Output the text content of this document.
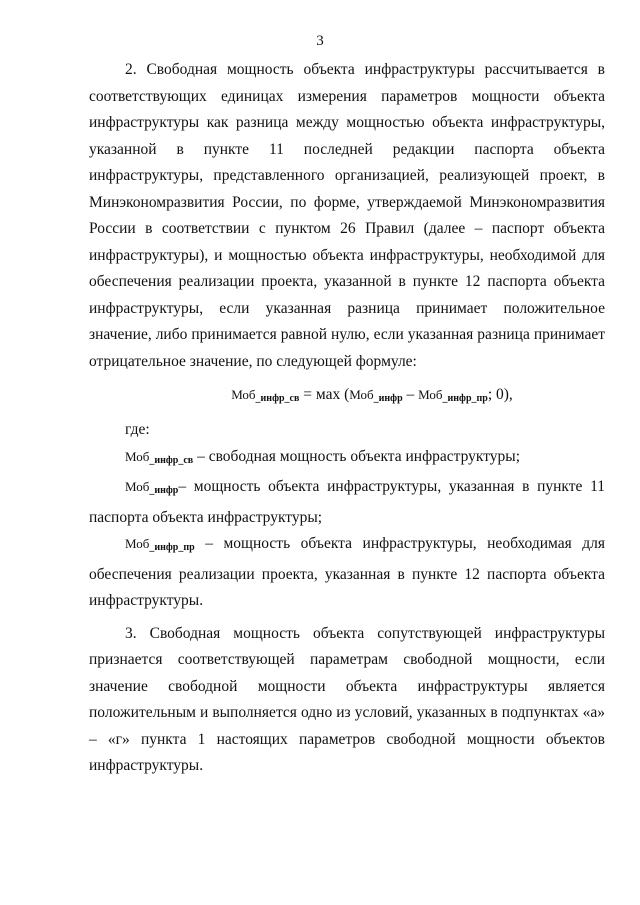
3

2. Свободная мощность объекта инфраструктуры рассчитывается в соответствующих единицах измерения параметров мощности объекта инфраструктуры как разница между мощностью объекта инфраструктуры, указанной в пункте 11 последней редакции паспорта объекта инфраструктуры, представленного организацией, реализующей проект, в Минэкономразвития России, по форме, утверждаемой Минэкономразвития России в соответствии с пунктом 26 Правил (далее – паспорт объекта инфраструктуры), и мощностью объекта инфраструктуры, необходимой для обеспечения реализации проекта, указанной в пункте 12 паспорта объекта инфраструктуры, если указанная разница принимает положительное значение, либо принимается равной нулю, если указанная разница принимает отрицательное значение, по следующей формуле:

Моб$_{\_инфр\_св}$ = мах (Моб$_{\_инфр}$ – Моб$_{\_инфр\_пр}$; 0),

где:

Моб$_{\_инфр\_св}$ – свободная мощность объекта инфраструктуры;

Моб$_{\_инфр}$– мощность объекта инфраструктуры, указанная в пункте 11 паспорта объекта инфраструктуры;

Моб$_{\_инфр\_пр}$ – мощность объекта инфраструктуры, необходимая для обеспечения реализации проекта, указанная в пункте 12 паспорта объекта инфраструктуры.

3. Свободная мощность объекта сопутствующей инфраструктуры признается соответствующей параметрам свободной мощности, если значение свободной мощности объекта инфраструктуры является положительным и выполняется одно из условий, указанных в подпунктах «а» – «г» пункта 1 настоящих параметров свободной мощности объектов инфраструктуры.
